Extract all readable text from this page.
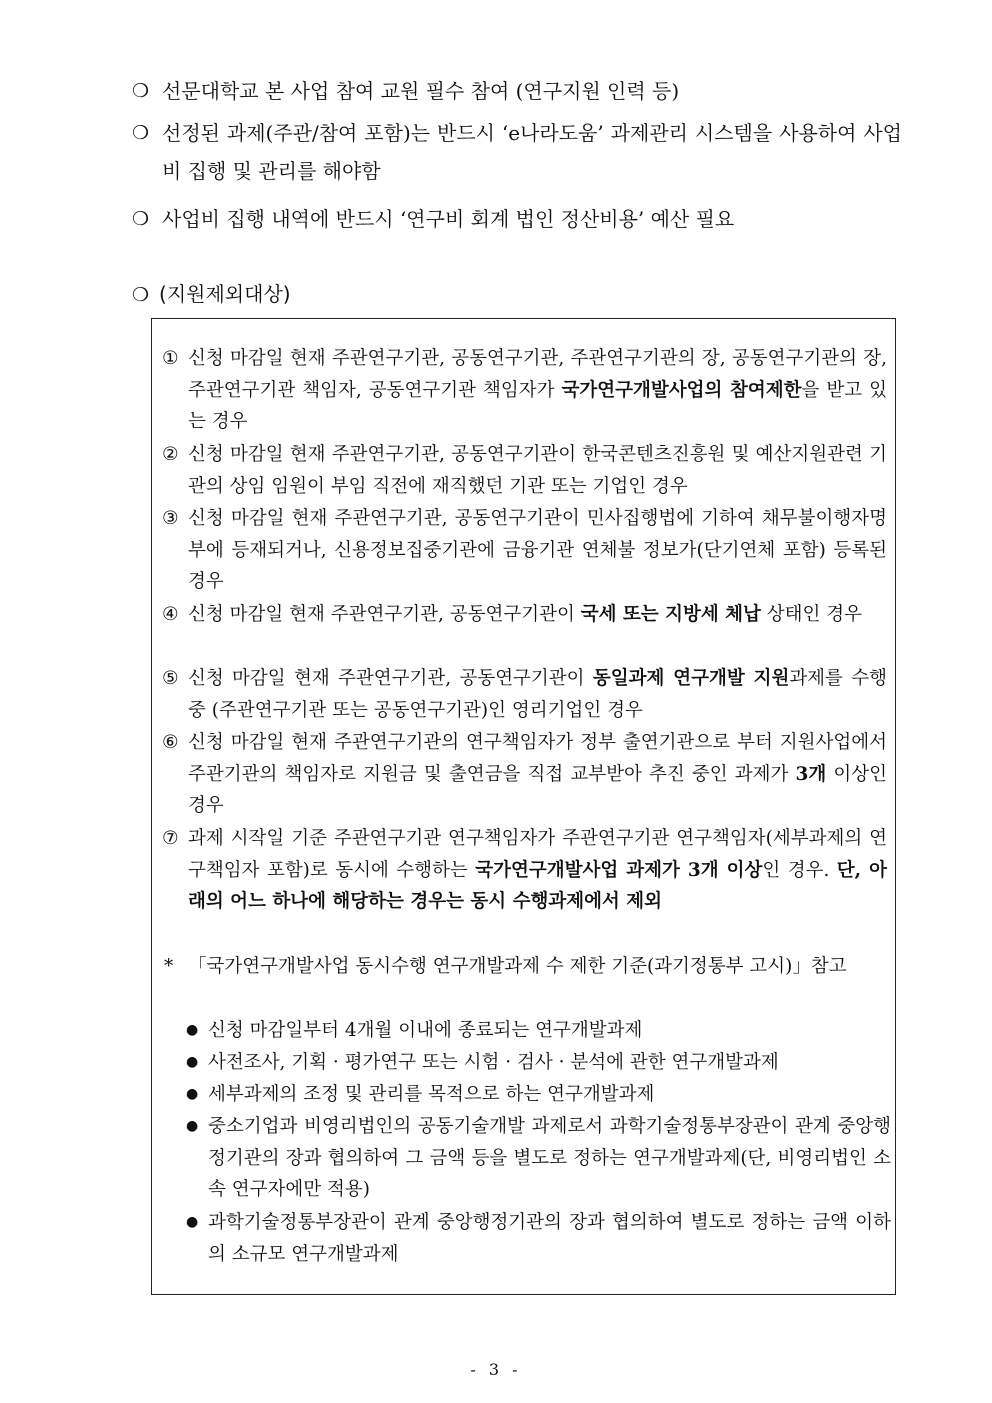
❍ 선문대학교 본 사업 참여 교원 필수 참여 (연구지원 인력 등)
❍ 선정된 과제(주관/참여 포함)는 반드시 ‘e나라도움’ 과제관리 시스템을 사용하여 사업비 집행 및 관리를 해야함
❍ 사업비 집행 내역에 반드시 ‘연구비 회계 법인 정산비용’ 예산 필요
❍ (지원제외대상)
① 신청 마감일 현재 주관연구기관, 공동연구기관, 주관연구기관의 장, 공동연구기관의 장, 주관연구기관 책임자, 공동연구기관 책임자가 국가연구개발사업의 참여제한을 받고 있는 경우
② 신청 마감일 현재 주관연구기관, 공동연구기관이 한국콘텐츠진흥원 및 예산지원관련 기관의 상임 임원이 부임 직전에 재직했던 기관 또는 기업인 경우
③ 신청 마감일 현재 주관연구기관, 공동연구기관이 민사집행법에 기하여 채무불이행자명부에 등재되거나, 신용정보집중기관에 금융기관 연체불 정보가(단기연체 포함) 등록된 경우
④ 신청 마감일 현재 주관연구기관, 공동연구기관이 국세 또는 지방세 체납 상태인 경우
⑤ 신청 마감일 현재 주관연구기관, 공동연구기관이 동일과제 연구개발 지원과제를 수행 중 (주관연구기관 또는 공동연구기관)인 영리기업인 경우
⑥ 신청 마감일 현재 주관연구기관의 연구책임자가 정부 출연기관으로 부터 지원사업에서 주관기관의 책임자로 지원금 및 출연금을 직접 교부받아 추진 중인 과제가 3개 이상인 경우
⑦ 과제 시작일 기준 주관연구기관 연구책임자가 주관연구기관 연구책임자(세부과제의 연구책임자 포함)로 동시에 수행하는 국가연구개발사업 과제가 3개 이상인 경우. 단, 아래의 어느 하나에 해당하는 경우는 동시 수행과제에서 제외
* 「국가연구개발사업 동시수행 연구개발과제 수 제한 기준(과기정통부 고시)」참고
● 신청 마감일부터 4개월 이내에 종료되는 연구개발과제
● 사전조사, 기획 · 평가연구 또는 시험 · 검사 · 분석에 관한 연구개발과제
● 세부과제의 조정 및 관리를 목적으로 하는 연구개발과제
● 중소기업과 비영리법인의 공동기술개발 과제로서 과학기술정통부장관이 관계 중앙행정기관의 장과 협의하여 그 금액 등을 별도로 정하는 연구개발과제(단, 비영리법인 소속 연구자에만 적용)
● 과학기술정통부장관이 관계 중앙행정기관의 장과 협의하여 별도로 정하는 금액 이하의 소규모 연구개발과제
- 3 -
